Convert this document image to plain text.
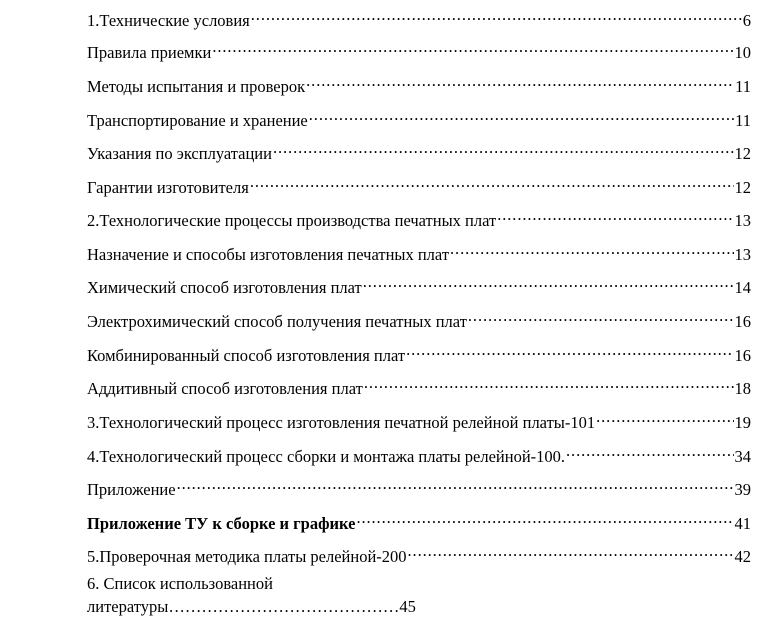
1.Технические условия .....	6
Правила приемки .....	10
Методы испытания и проверок .....	11
Транспортирование и хранение .....	11
Указания по эксплуатации .....	12
Гарантии изготовителя .....	12
2.Технологические процессы производства печатных плат .....	13
Назначение и способы изготовления печатных плат .....	13
Химический способ изготовления плат .....	14
Электрохимический способ получения печатных плат .....	16
Комбинированный способ изготовления плат .....	16
Аддитивный способ изготовления плат .....	18
3.Технологический процесс изготовления печатной релейной платы-101 .....	19
4.Технологический процесс сборки и монтажа платы релейной-100. .....	34
Приложение .....	39
Приложение ТУ к сборке и графике .....	41
5.Проверочная методика платы релейной-200 .....	42
6. Список использованной
литературы……………………………………45
